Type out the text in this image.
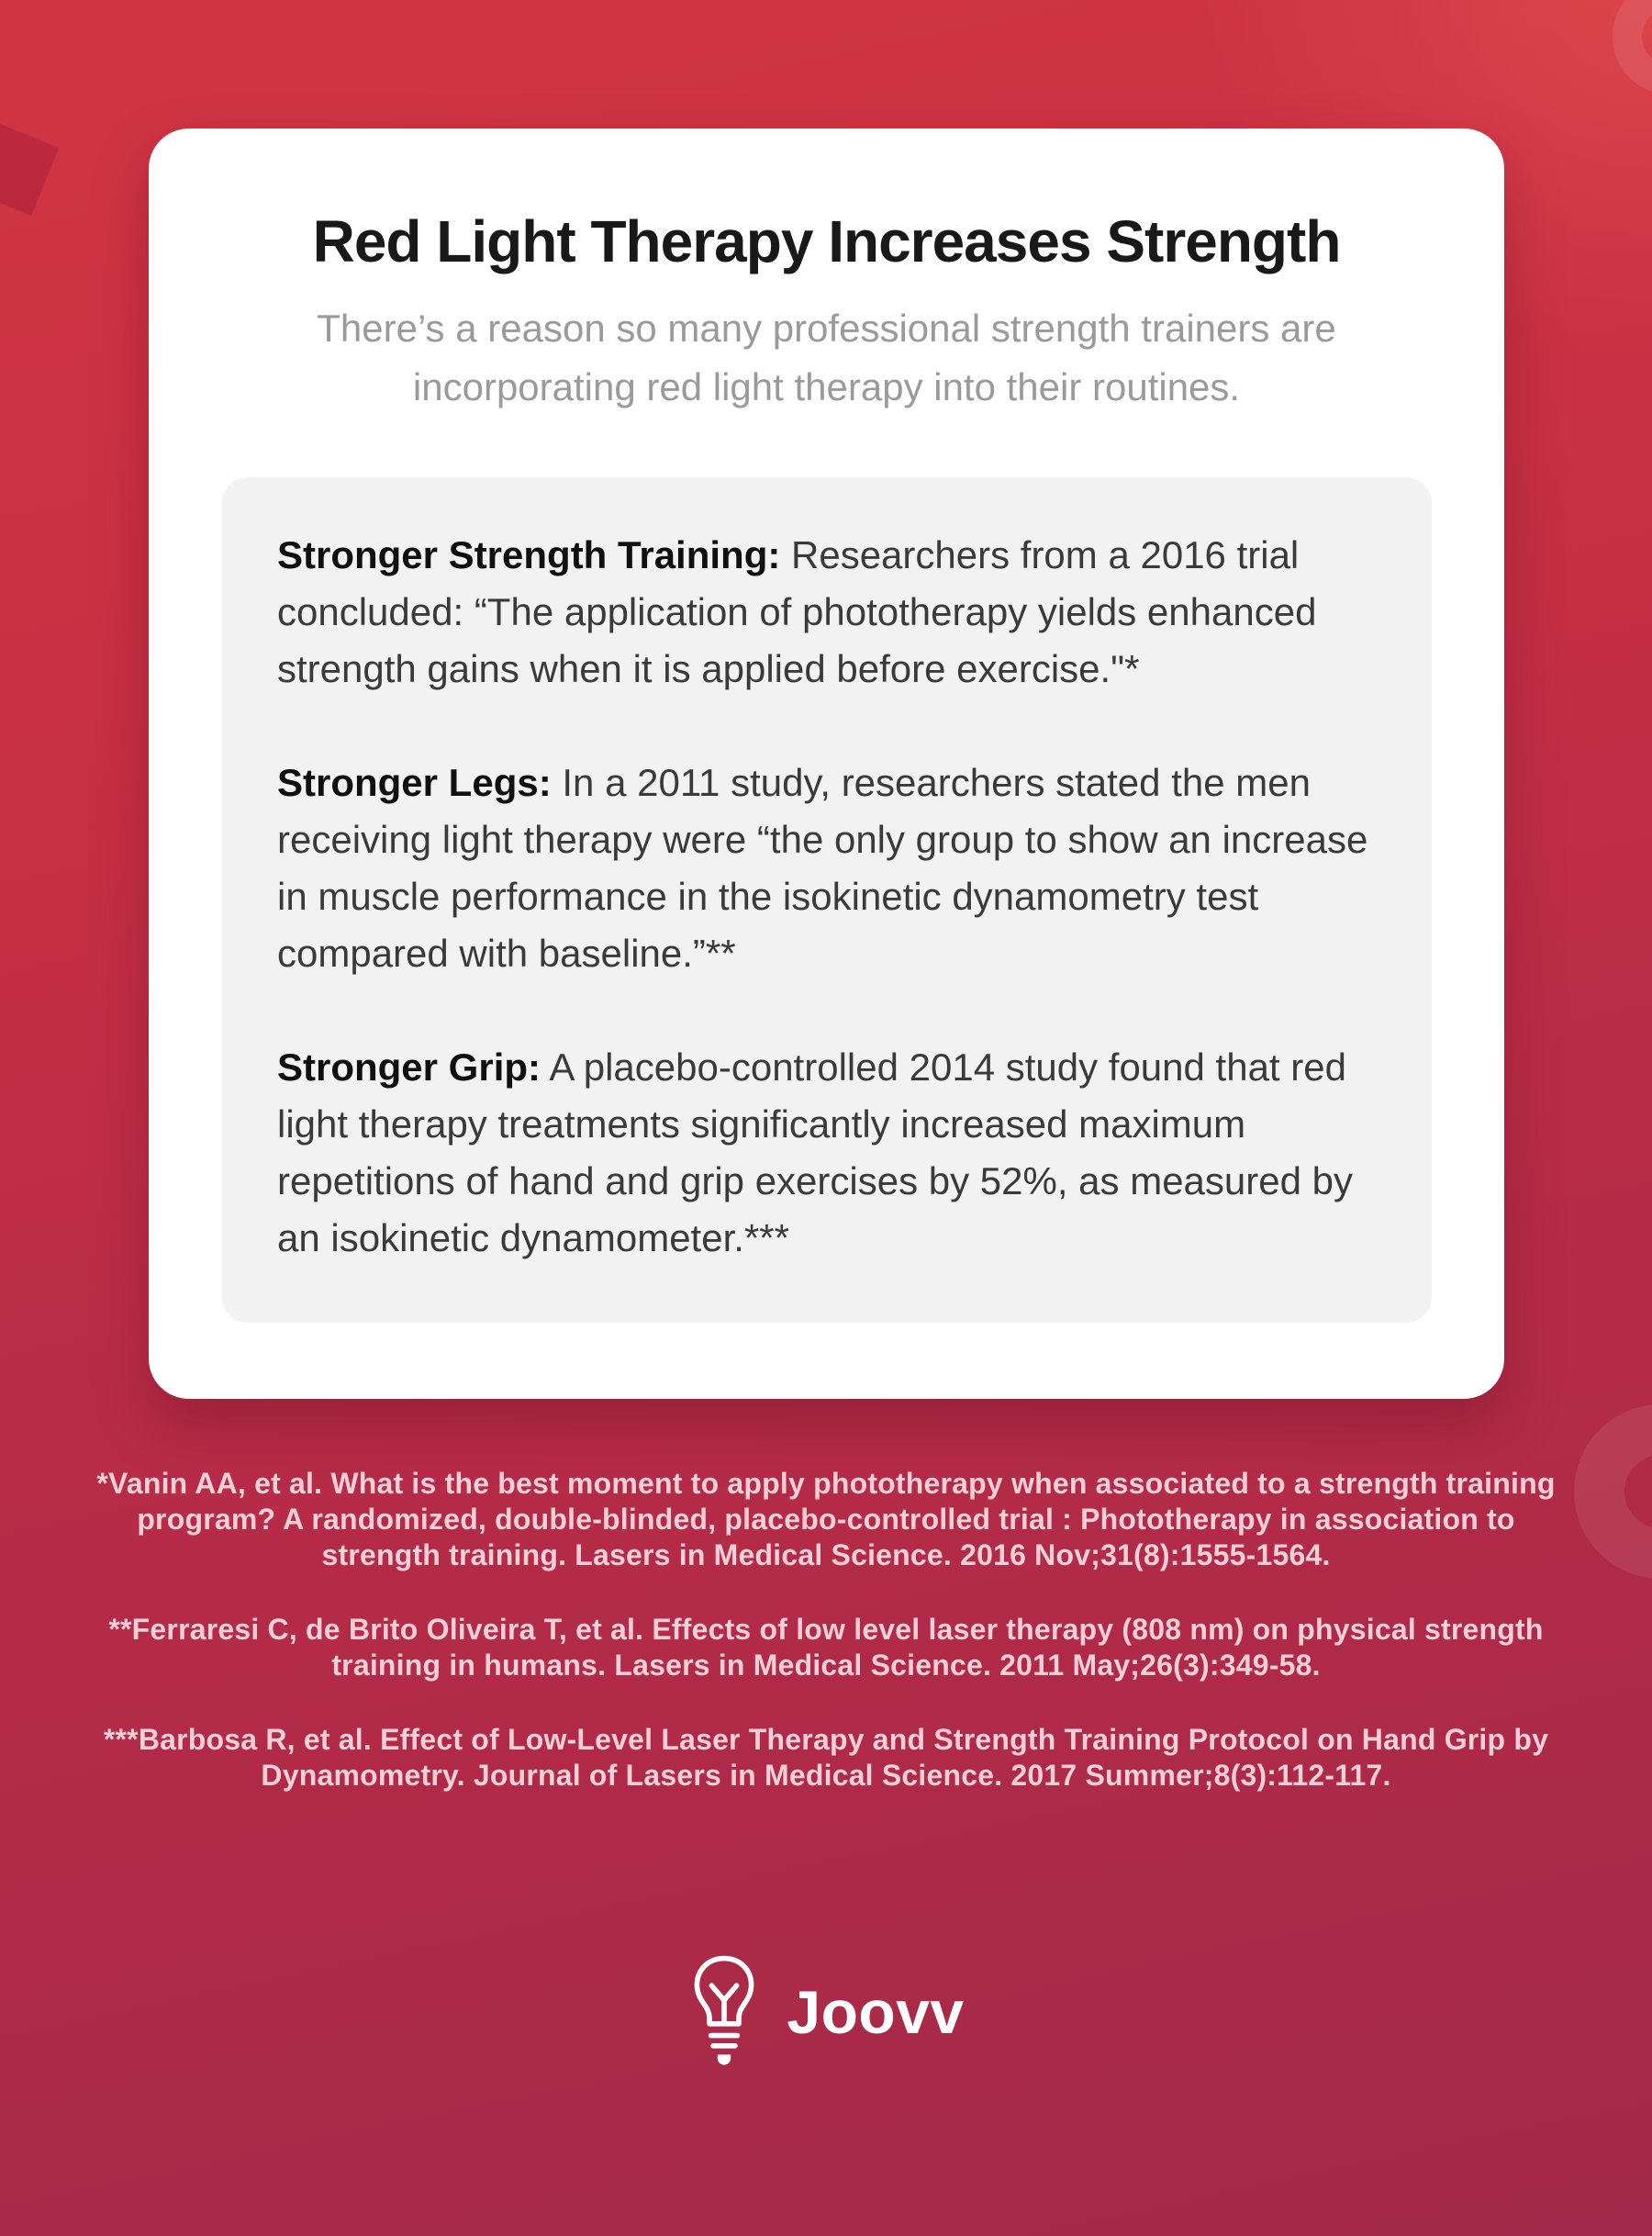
Red Light Therapy Increases Strength

There’s a reason so many professional strength trainers are incorporating red light therapy into their routines.

Stronger Strength Training: Researchers from a 2016 trial concluded: “The application of phototherapy yields enhanced strength gains when it is applied before exercise."*

Stronger Legs: In a 2011 study, researchers stated the men receiving light therapy were “the only group to show an increase in muscle performance in the isokinetic dynamometry test compared with baseline.”**

Stronger Grip: A placebo-controlled 2014 study found that red light therapy treatments significantly increased maximum repetitions of hand and grip exercises by 52%, as measured by an isokinetic dynamometer.***

*Vanin AA, et al. What is the best moment to apply phototherapy when associated to a strength training program? A randomized, double-blinded, placebo-controlled trial : Phototherapy in association to strength training. Lasers in Medical Science. 2016 Nov;31(8):1555-1564.

**Ferraresi C, de Brito Oliveira T, et al. Effects of low level laser therapy (808 nm) on physical strength training in humans. Lasers in Medical Science. 2011 May;26(3):349-58.

***Barbosa R, et al. Effect of Low-Level Laser Therapy and Strength Training Protocol on Hand Grip by Dynamometry. Journal of Lasers in Medical Science. 2017 Summer;8(3):112-117.

Joovv
